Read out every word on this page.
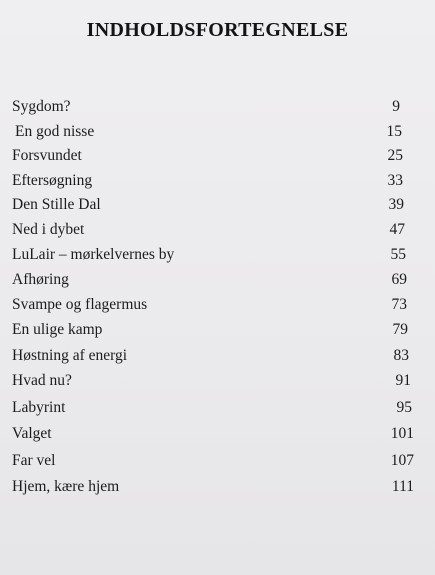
INDHOLDSFORTEGNELSE
Sygdom?	9
En god nisse	15
Forsvundet	25
Eftersøgning	33
Den Stille Dal	39
Ned i dybet	47
LuLair – mørkelvernes by	55
Afhøring	69
Svampe og flagermus	73
En ulige kamp	79
Høstning af energi	83
Hvad nu?	91
Labyrint	95
Valget	101
Far vel	107
Hjem, kære hjem	111
